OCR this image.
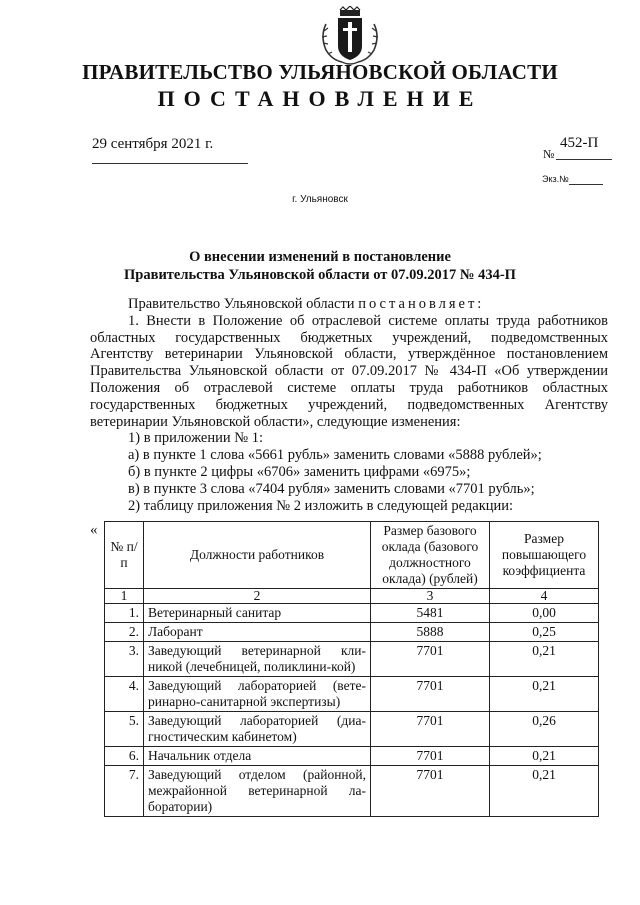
ПРАВИТЕЛЬСТВО УЛЬЯНОВСКОЙ ОБЛАСТИ
ПОСТАНОВЛЕНИЕ
29 сентября 2021 г.
№
452-П
Экз.№
г. Ульяновск
О внесении изменений в постановление
Правительства Ульяновской области от 07.09.2017 № 434-П

Правительство Ульяновской области постановляет:

1. Внести в Положение об отраслевой системе оплаты труда работников областных государственных бюджетных учреждений, подведомственных Агентству ветеринарии Ульяновской области, утверждённое постановлением Правительства Ульяновской области от 07.09.2017 № 434-П «Об утверждении Положения об отраслевой системе оплаты труда работников областных государственных бюджетных учреждений, подведомственных Агентству ветеринарии Ульяновской области», следующие изменения:

1) в приложении № 1:

а) в пункте 1 слова «5661 рубль» заменить словами «5888 рублей»;

б) в пункте 2 цифры «6706» заменить цифрами «6975»;

в) в пункте 3 слова «7404 рубля» заменить словами «7701 рубль»;

2) таблицу приложения № 2 изложить в следующей редакции:

«
№ п/п	Должности работников	Размер базового оклада (базового должностного оклада) (рублей)	Размер повышающего коэффициента
1	2	3	4
1.	Ветеринарный санитар	5481	0,00
2.	Лаборант	5888	0,25
3.	Заведующий ветеринарной кли-никой (лечебницей, поликлини-кой)	7701	0,21
4.	Заведующий лабораторией (вете-ринарно-санитарной экспертизы)	7701	0,21
5.	Заведующий лабораторией (диа-гностическим кабинетом)	7701	0,26
6.	Начальник отдела	7701	0,21
7.	Заведующий отделом (районной, межрайонной ветеринарной ла-боратории)	7701	0,21
